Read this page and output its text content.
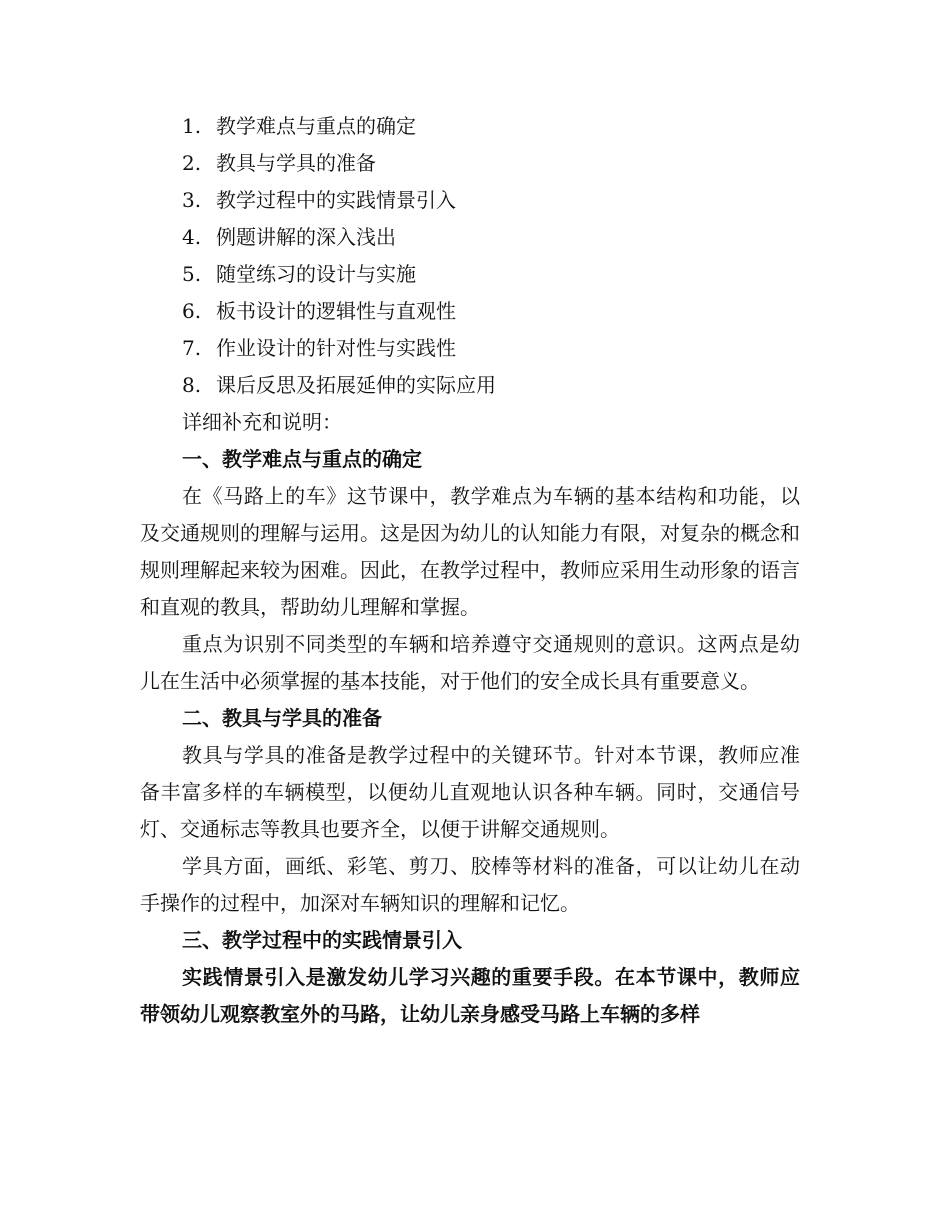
1. 教学难点与重点的确定
2. 教具与学具的准备
3. 教学过程中的实践情景引入
4. 例题讲解的深入浅出
5. 随堂练习的设计与实施
6. 板书设计的逻辑性与直观性
7. 作业设计的针对性与实践性
8. 课后反思及拓展延伸的实际应用
详细补充和说明：
一、教学难点与重点的确定

在《马路上的车》这节课中，教学难点为车辆的基本结构和功能，以及交通规则的理解与运用。这是因为幼儿的认知能力有限，对复杂的概念和规则理解起来较为困难。因此，在教学过程中，教师应采用生动形象的语言和直观的教具，帮助幼儿理解和掌握。

重点为识别不同类型的车辆和培养遵守交通规则的意识。这两点是幼儿在生活中必须掌握的基本技能，对于他们的安全成长具有重要意义。

二、教具与学具的准备

教具与学具的准备是教学过程中的关键环节。针对本节课，教师应准备丰富多样的车辆模型，以便幼儿直观地认识各种车辆。同时，交通信号灯、交通标志等教具也要齐全，以便于讲解交通规则。

学具方面，画纸、彩笔、剪刀、胶棒等材料的准备，可以让幼儿在动手操作的过程中，加深对车辆知识的理解和记忆。

三、教学过程中的实践情景引入

实践情景引入是激发幼儿学习兴趣的重要手段。在本节课中，教师应带领幼儿观察教室外的马路，让幼儿亲身感受马路上车辆的多样
